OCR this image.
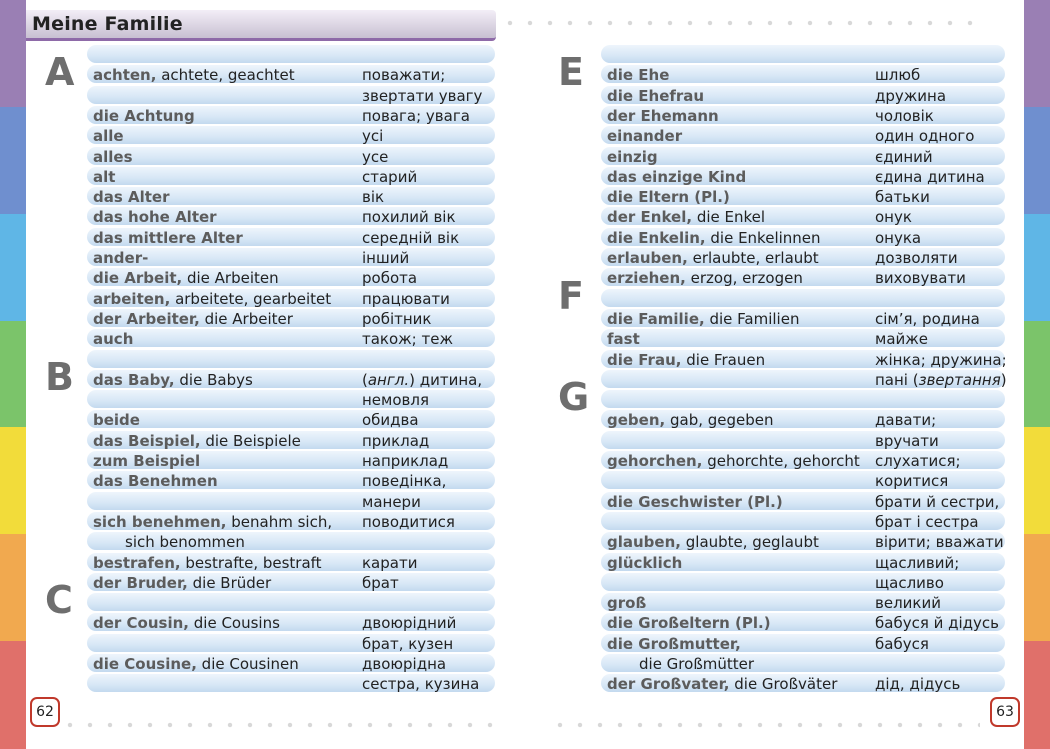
Meine Familie
achten, achtete, geachtet	поважати;
звертати увагу
die Achtung	повага; увага
alle	усі
alles	усе
alt	старий
das Alter	вік
das hohe Alter	похилий вік
das mittlere Alter	середній вік
ander-	інший
die Arbeit, die Arbeiten	робота
arbeiten, arbeitete, gearbeitet працювати
der Arbeiter, die Arbeiter	робітник
auch	також; теж
das Baby, die Babys	(англ.) дитина,
немовля
beide	обидва
das Beispiel, die Beispiele	приклад
zum Beispiel	наприклад
das Benehmen	поведінка,
манери
sich benehmen, benahm sich, поводитися
sich benommen
bestrafen, bestrafte, bestraft	карати
der Bruder, die Brüder	брат
der Cousin, die Cousins	двоюрідний
брат, кузен
die Cousine, die Cousinen	двоюрідна
сестра, кузина
A
B
C
die Ehe	шлюб
die Ehefrau	дружина
der Ehemann	чоловік
einander	один одного
einzig	єдиний
das einzige Kind	єдина дитина
die Eltern (Pl.)	батьки
der Enkel, die Enkel	онук
die Enkelin, die Enkelinnen	онука
erlauben, erlaubte, erlaubt	дозволяти
erziehen, erzog, erzogen	виховувати
die Familie, die Familien	сім’я, родина
fast	майже
die Frau, die Frauen	жінка; дружина;
пані (звертання)
geben, gab, gegeben	давати;
вручати
gehorchen, gehorchte, gehorcht слухатися;
коритися
die Geschwister (Pl.)	брати й сестри,
брат і сестра
glauben, glaubte, geglaubt	вірити; вважати
glücklich	щасливий;
щасливо
groß	великий
die Großeltern (Pl.)	бабуся й дідусь
die Großmutter,	бабуся
die Großmütter
der Großvater, die Großväter	дід, дідусь
E
F
G
62	63
